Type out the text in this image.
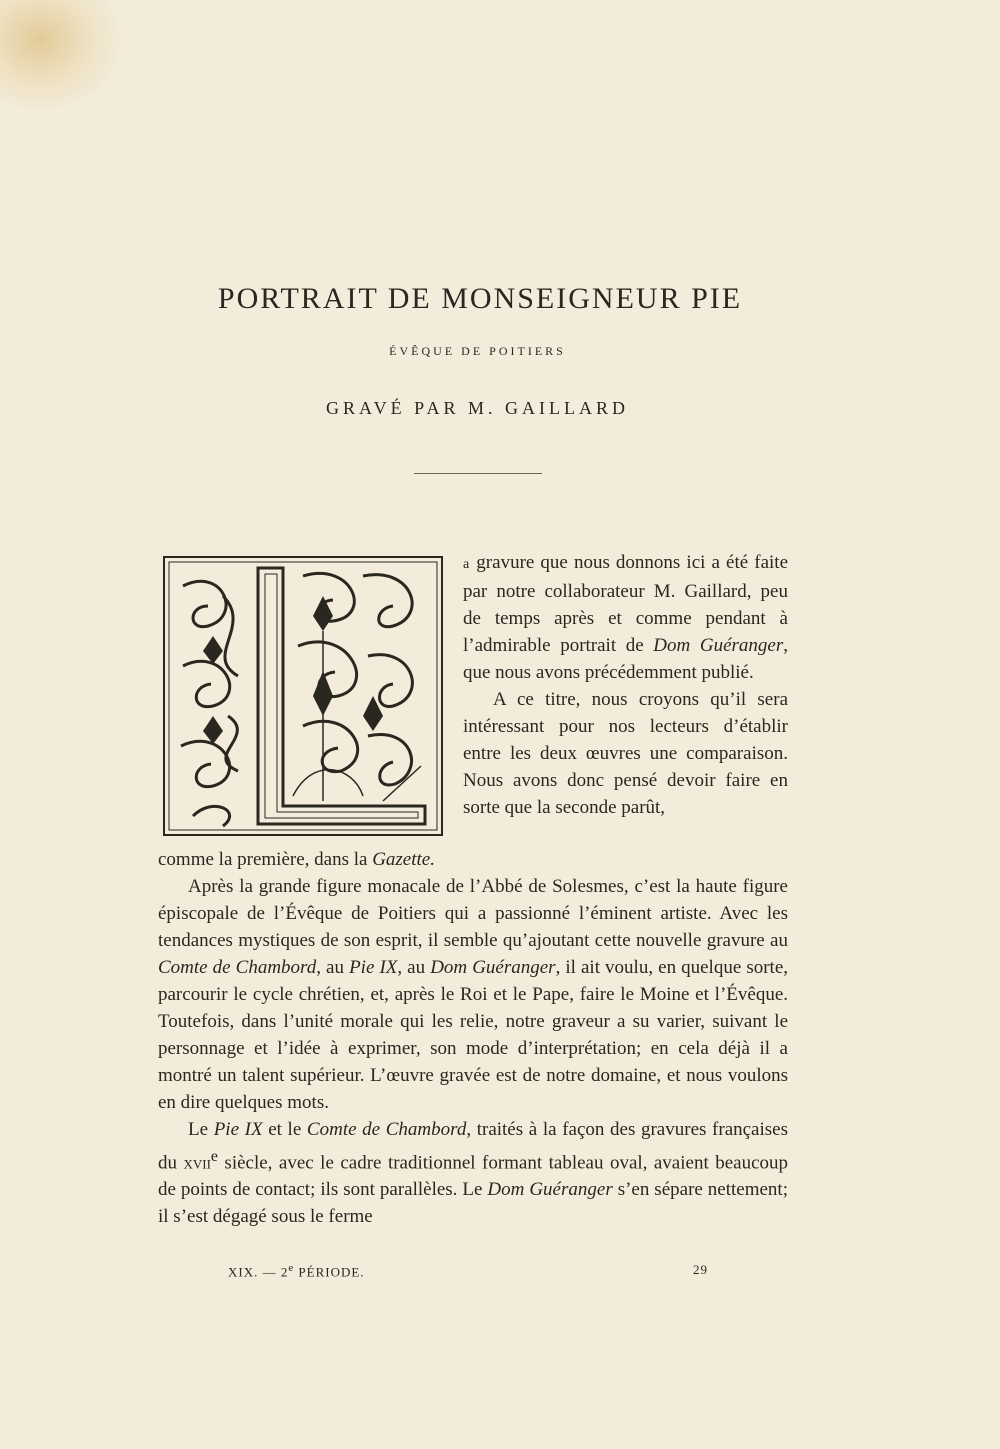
PORTRAIT DE MONSEIGNEUR PIE
ÉVÊQUE DE POITIERS
GRAVÉ PAR M. GAILLARD

a gravure que nous donnons ici a été faite par notre collaborateur M. Gaillard, peu de temps après et comme pendant à l’admirable portrait de Dom Guéranger, que nous avons précédemment publié.

A ce titre, nous croyons qu’il sera intéressant pour nos lecteurs d’établir entre les deux œuvres une comparaison. Nous avons donc pensé devoir faire en sorte que la seconde parût,

comme la première, dans la Gazette.

Après la grande figure monacale de l’Abbé de Solesmes, c’est la haute figure épiscopale de l’Évêque de Poitiers qui a passionné l’éminent artiste. Avec les tendances mystiques de son esprit, il semble qu’ajoutant cette nouvelle gravure au Comte de Chambord, au Pie IX, au Dom Guéranger, il ait voulu, en quelque sorte, parcourir le cycle chrétien, et, après le Roi et le Pape, faire le Moine et l’Évêque. Toutefois, dans l’unité morale qui les relie, notre graveur a su varier, suivant le personnage et l’idée à exprimer, son mode d’interprétation; en cela déjà il a montré un talent supérieur. L’œuvre gravée est de notre domaine, et nous voulons en dire quelques mots.

Le Pie IX et le Comte de Chambord, traités à la façon des gravures françaises du xvii$^e$ siècle, avec le cadre traditionnel formant tableau oval, avaient beaucoup de points de contact; ils sont parallèles. Le Dom Guéranger s’en sépare nettement; il s’est dégagé sous le ferme

XIX. — 2e PÉRIODE.	29
